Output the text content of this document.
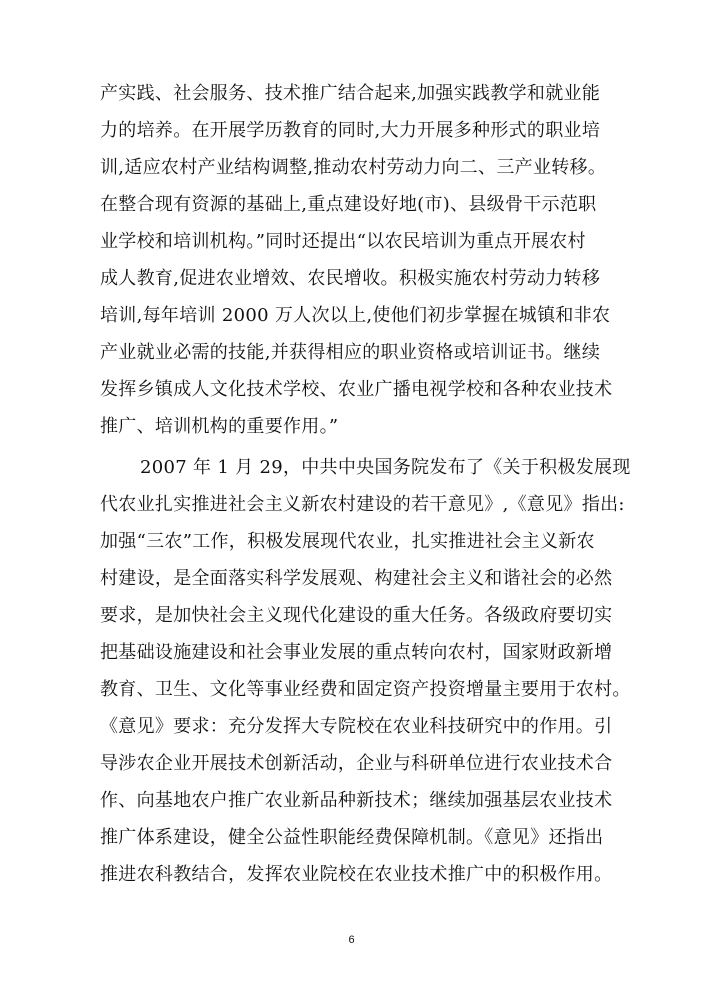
产实践、社会服务、技术推广结合起来,加强实践教学和就业能
力的培养。在开展学历教育的同时,大力开展多种形式的职业培
训,适应农村产业结构调整,推动农村劳动力向二、三产业转移。
在整合现有资源的基础上,重点建设好地(市)、县级骨干示范职
业学校和培训机构。”同时还提出“以农民培训为重点开展农村
成人教育,促进农业增效、农民增收。积极实施农村劳动力转移
培训,每年培训 2000 万人次以上,使他们初步掌握在城镇和非农
产业就业必需的技能,并获得相应的职业资格或培训证书。继续
发挥乡镇成人文化技术学校、农业广播电视学校和各种农业技术
推广、培训机构的重要作用。”
2007 年 1 月 29，中共中央国务院发布了《关于积极发展现
代农业扎实推进社会主义新农村建设的若干意见》,《意见》指出:
加强“三农”工作，积极发展现代农业，扎实推进社会主义新农
村建设，是全面落实科学发展观、构建社会主义和谐社会的必然
要求，是加快社会主义现代化建设的重大任务。各级政府要切实
把基础设施建设和社会事业发展的重点转向农村，国家财政新增
教育、卫生、文化等事业经费和固定资产投资增量主要用于农村。
《意见》要求：充分发挥大专院校在农业科技研究中的作用。引
导涉农企业开展技术创新活动，企业与科研单位进行农业技术合
作、向基地农户推广农业新品种新技术；继续加强基层农业技术
推广体系建设，健全公益性职能经费保障机制。《意见》还指出
推进农科教结合，发挥农业院校在农业技术推广中的积极作用。
6
